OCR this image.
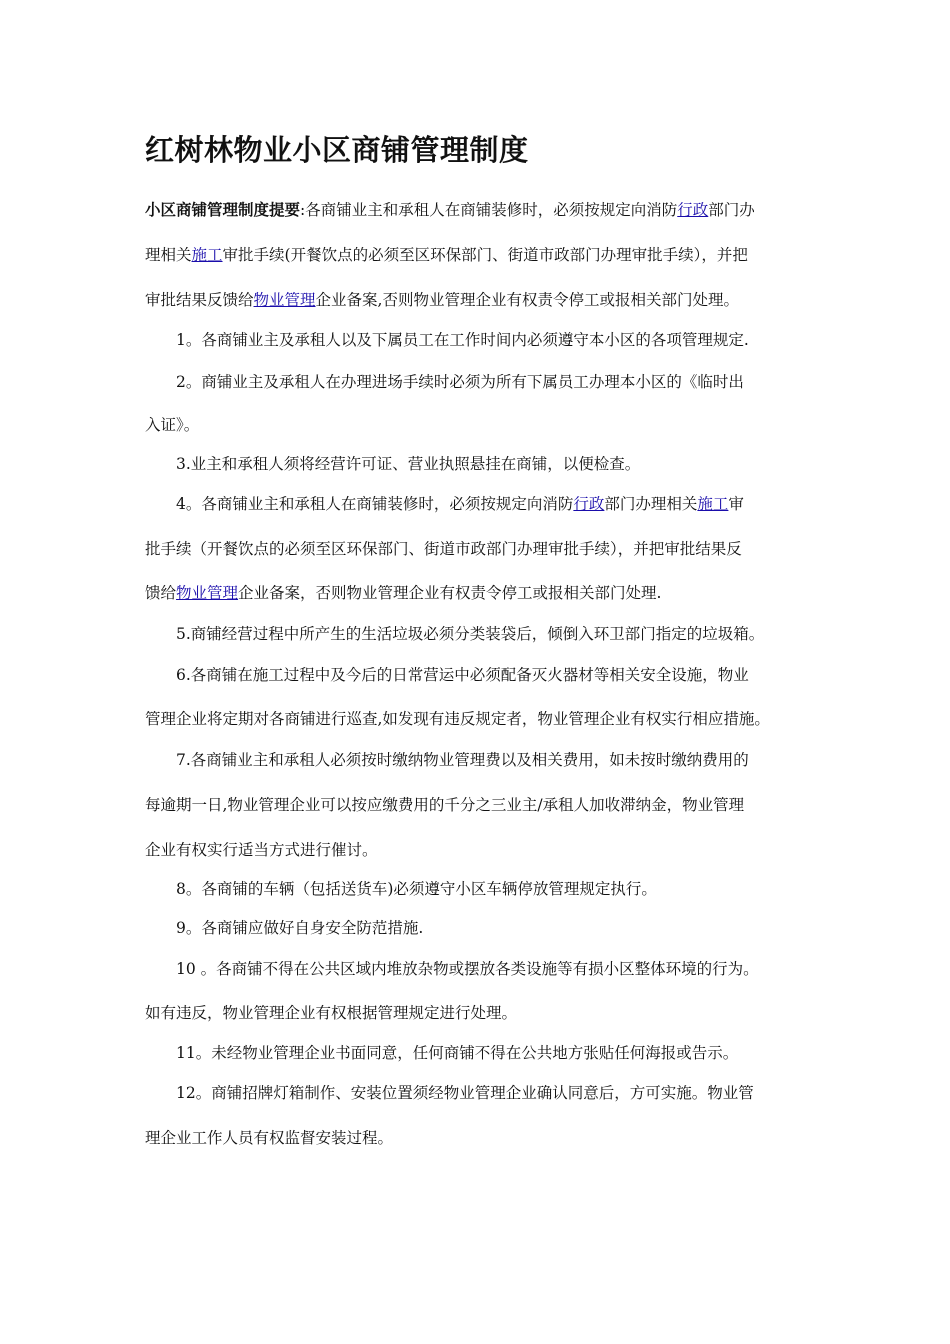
红树林物业小区商铺管理制度
小区商铺管理制度提要:各商铺业主和承租人在商铺装修时，必须按规定向消防行政部门办
理相关施工审批手续(开餐饮点的必须至区环保部门、街道市政部门办理审批手续），并把
审批结果反馈给物业管理企业备案,否则物业管理企业有权责令停工或报相关部门处理。
1。各商铺业主及承租人以及下属员工在工作时间内必须遵守本小区的各项管理规定.
2。商铺业主及承租人在办理进场手续时必须为所有下属员工办理本小区的《临时出
入证》。
3.业主和承租人须将经营许可证、营业执照悬挂在商铺，以便检查。
4。各商铺业主和承租人在商铺装修时，必须按规定向消防行政部门办理相关施工审
批手续（开餐饮点的必须至区环保部门、街道市政部门办理审批手续），并把审批结果反
馈给物业管理企业备案，否则物业管理企业有权责令停工或报相关部门处理.
5.商铺经营过程中所产生的生活垃圾必须分类装袋后，倾倒入环卫部门指定的垃圾箱。
6.各商铺在施工过程中及今后的日常营运中必须配备灭火器材等相关安全设施，物业
管理企业将定期对各商铺进行巡查,如发现有违反规定者，物业管理企业有权实行相应措施。
7.各商铺业主和承租人必须按时缴纳物业管理费以及相关费用，如未按时缴纳费用的
每逾期一日,物业管理企业可以按应缴费用的千分之三业主/承租人加收滞纳金，物业管理
企业有权实行适当方式进行催讨。
8。各商铺的车辆（包括送货车)必须遵守小区车辆停放管理规定执行。
9。各商铺应做好自身安全防范措施.
10 。各商铺不得在公共区域内堆放杂物或摆放各类设施等有损小区整体环境的行为。
如有违反，物业管理企业有权根据管理规定进行处理。
11。未经物业管理企业书面同意，任何商铺不得在公共地方张贴任何海报或告示。
12。商铺招牌灯箱制作、安装位置须经物业管理企业确认同意后，方可实施。物业管
理企业工作人员有权监督安装过程。
